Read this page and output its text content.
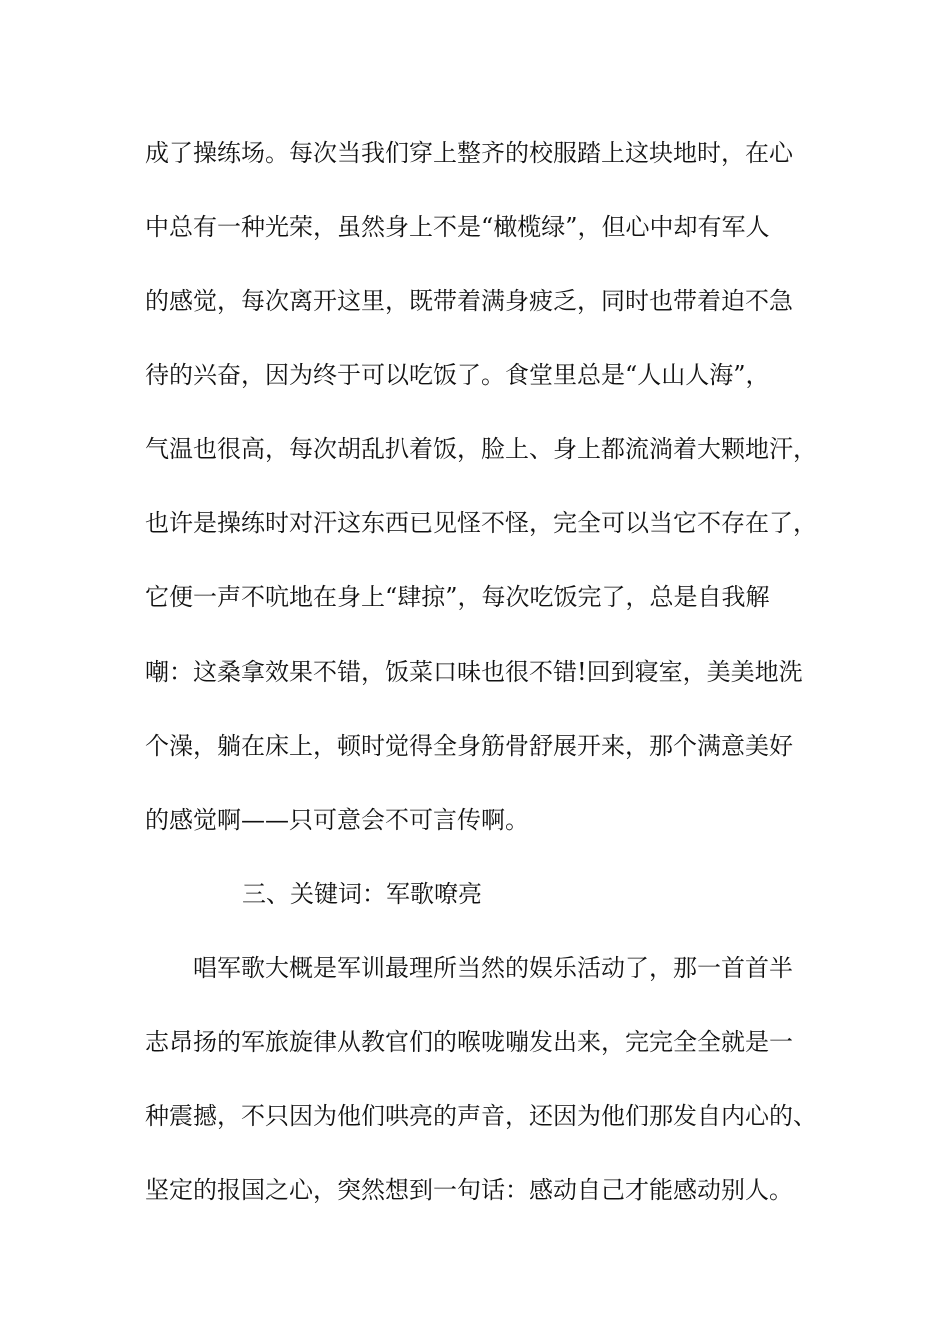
成了操练场。每次当我们穿上整齐的校服踏上这块地时，在心
中总有一种光荣，虽然身上不是“橄榄绿”，但心中却有军人
的感觉，每次离开这里，既带着满身疲乏，同时也带着迫不急
待的兴奋，因为终于可以吃饭了。食堂里总是“人山人海”，
气温也很高，每次胡乱扒着饭，脸上、身上都流淌着大颗地汗，
也许是操练时对汗这东西已见怪不怪，完全可以当它不存在了，
它便一声不吭地在身上“肆掠”，每次吃饭完了，总是自我解
嘲：这桑拿效果不错，饭菜口味也很不错!回到寝室，美美地洗
个澡，躺在床上，顿时觉得全身筋骨舒展开来，那个满意美好
的感觉啊——只可意会不可言传啊。
三、关键词：军歌嘹亮
唱军歌大概是军训最理所当然的娱乐活动了，那一首首半
志昂扬的军旅旋律从教官们的喉咙嘣发出来，完完全全就是一
种震撼，不只因为他们哄亮的声音，还因为他们那发自内心的、
坚定的报国之心，突然想到一句话：感动自己才能感动别人。
